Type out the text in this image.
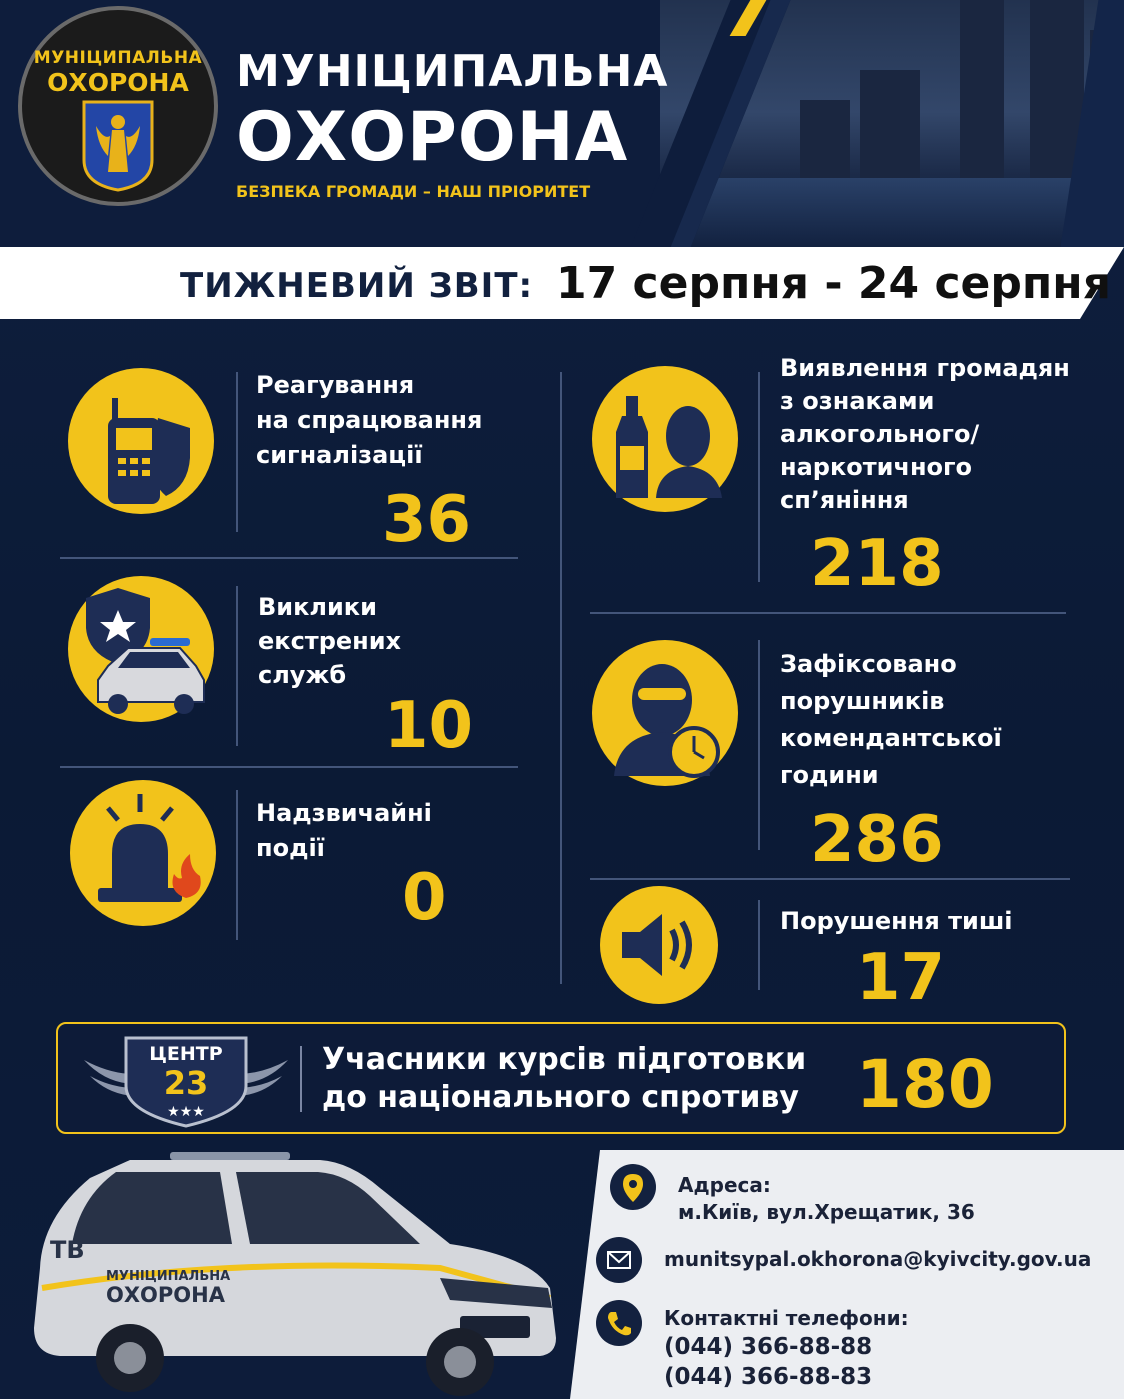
МУНІЦИПАЛЬНА
ОХОРОНА	МУНІЦИПАЛЬНА
ОХОРОНА
БЕЗПЕКА ГРОМАДИ – НАШ ПРІОРИТЕТ
ТИЖНЕВИЙ ЗВІТ: 17 серпня - 24 серпня
Реагування
на спрацювання
сигналізації
36
Виклики
екстрених
служб
10
Надзвичайні
події
0
Виявлення громадян
з ознаками
алкогольного/
наркотичного
сп’яніння
218
Зафіксовано
порушників
комендантської
години
286
Порушення тиші
17
ЦЕНТР
23
★★★
Учасники курсів підготовки
до національного спротиву 180
TB
МУНІЦИПАЛЬНА
ОХОРОНА
Адреса:
м.Київ, вул.Хрещатик, 36
munitsypal.okhorona@kyivcity.gov.ua
Контактні телефони:
(044) 366-88-88
(044) 366-88-83
